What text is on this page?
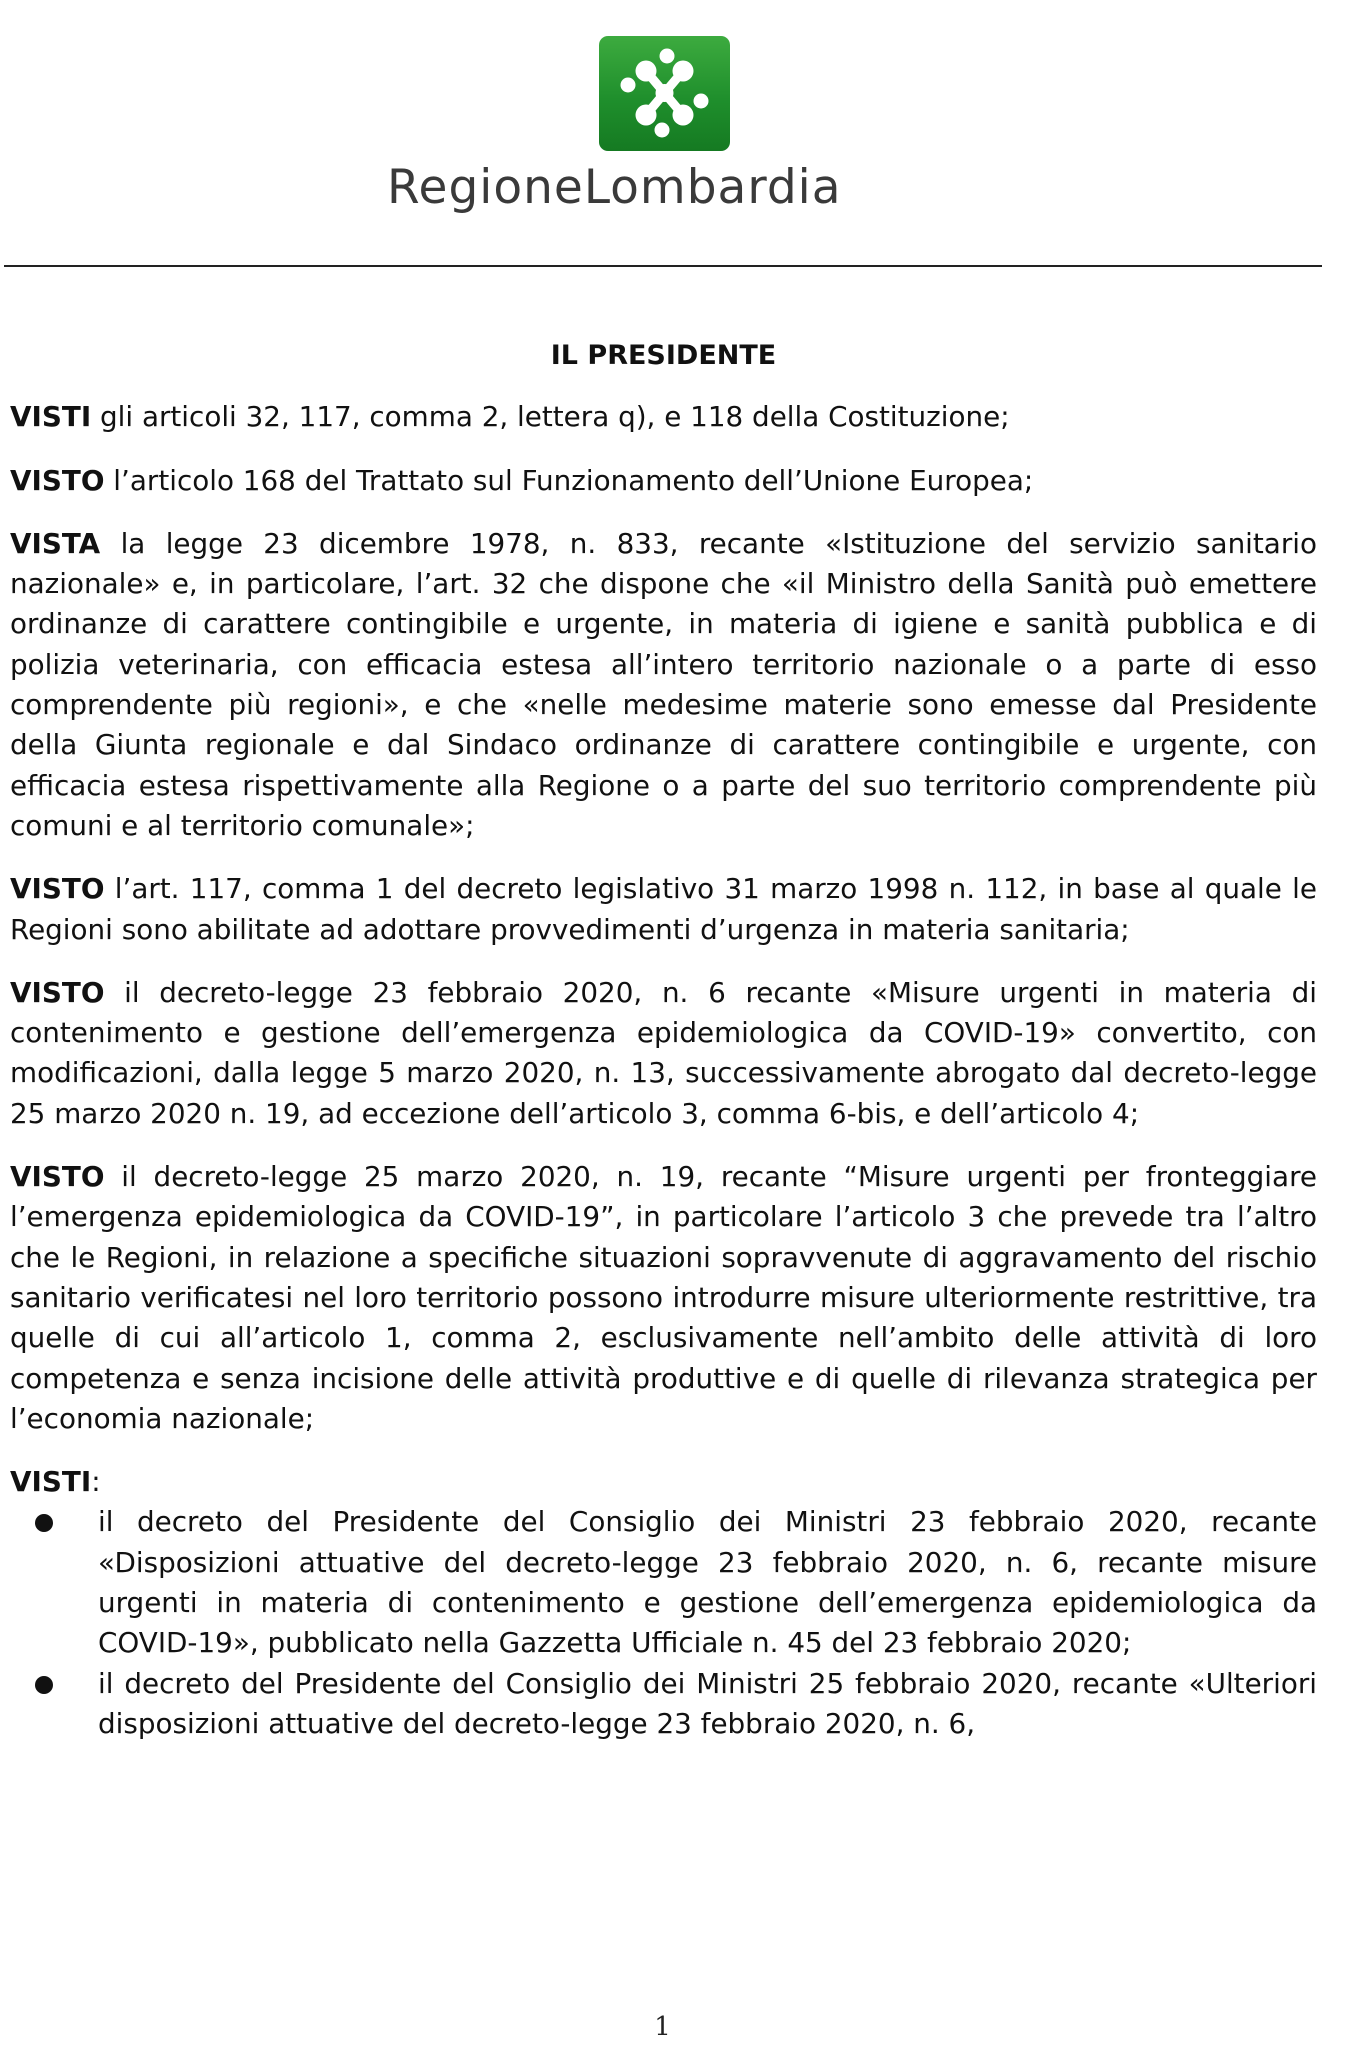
RegioneLombardia
IL PRESIDENTE

VISTI gli articoli 32, 117, comma 2, lettera q), e 118 della Costituzione;

VISTO l’articolo 168 del Trattato sul Funzionamento dell’Unione Europea;

VISTA la legge 23 dicembre 1978, n. 833, recante «Istituzione del servizio sanitario nazionale» e, in particolare, l’art. 32 che dispone che «il Ministro della Sanità può emettere ordinanze di carattere contingibile e urgente, in materia di igiene e sanità pubblica e di polizia veterinaria, con efficacia estesa all’intero territorio nazionale o a parte di esso comprendente più regioni», e che «nelle medesime materie sono emesse dal Presidente della Giunta regionale e dal Sindaco ordinanze di carattere contingibile e urgente, con efficacia estesa rispettivamente alla Regione o a parte del suo territorio comprendente più comuni e al territorio comunale»;

VISTO l’art. 117, comma 1 del decreto legislativo 31 marzo 1998 n. 112, in base al quale le Regioni sono abilitate ad adottare provvedimenti d’urgenza in materia sanitaria;

VISTO il decreto-legge 23 febbraio 2020, n. 6 recante «Misure urgenti in materia di contenimento e gestione dell’emergenza epidemiologica da COVID-19» convertito, con modificazioni, dalla legge 5 marzo 2020, n. 13, successivamente abrogato dal decreto-legge 25 marzo 2020 n. 19, ad eccezione dell’articolo 3, comma 6-bis, e dell’articolo 4;

VISTO il decreto-legge 25 marzo 2020, n. 19, recante “Misure urgenti per fronteggiare l’emergenza epidemiologica da COVID-19”, in particolare l’articolo 3 che prevede tra l’altro che le Regioni, in relazione a specifiche situazioni sopravvenute di aggravamento del rischio sanitario verificatesi nel loro territorio possono introdurre misure ulteriormente restrittive, tra quelle di cui all’articolo 1, comma 2, esclusivamente nell’ambito delle attività di loro competenza e senza incisione delle attività produttive e di quelle di rilevanza strategica per l’economia nazionale;

VISTI:

il decreto del Presidente del Consiglio dei Ministri 23 febbraio 2020, recante «Disposizioni attuative del decreto-legge 23 febbraio 2020, n. 6, recante misure urgenti in materia di contenimento e gestione dell’emergenza epidemiologica da COVID-19», pubblicato nella Gazzetta Ufficiale n. 45 del 23 febbraio 2020;
il decreto del Presidente del Consiglio dei Ministri 25 febbraio 2020, recante «Ulteriori disposizioni attuative del decreto-legge 23 febbraio 2020, n. 6,
1
